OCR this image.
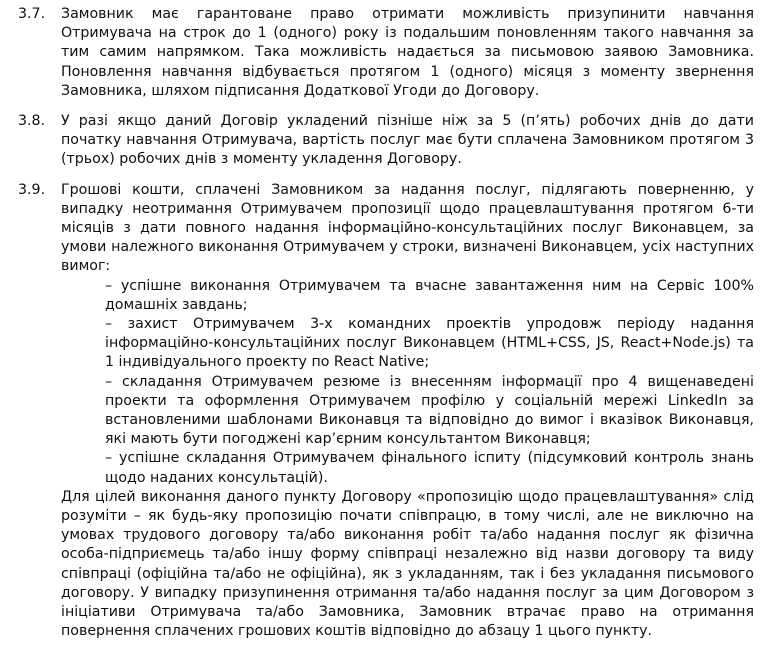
3.7.	Замовник має гарантоване право отримати можливість призупинити навчання Отримувача на строк до 1 (одного) року із подальшим поновленням такого навчання за тим самим напрямком. Така можливість надається за письмовою заявою Замовника. Поновлення навчання відбувається протягом 1 (одного) місяця з моменту звернення Замовника, шляхом підписання Додаткової Угоди до Договору.

3.8.	У разі якщо даний Договір укладений пізніше ніж за 5 (п’ять) робочих днів до дати початку навчання Отримувача, вартість послуг має бути сплачена Замовником протягом 3 (трьох) робочих днів з моменту укладення Договору.

3.9.	Грошові кошти, сплачені Замовником за надання послуг, підлягають поверненню, у випадку неотримання Отримувачем пропозиції щодо працевлаштування протягом 6-ти місяців з дати повного надання інформаційно-консультаційних послуг Виконавцем, за умови належного виконання Отримувачем у строки, визначені Виконавцем, усіх наступних вимог:

– успішне виконання Отримувачем та вчасне завантаження ним на Сервіс 100% домашніх завдань;

– захист Отримувачем 3-х командних проектів упродовж періоду надання інформаційно-консультаційних послуг Виконавцем (HTML+CSS, JS, React+Node.js) та 1 індивідуального проекту по React Native;

– складання Отримувачем резюме із внесенням інформації про 4 вищенаведені проекти та оформлення Отримувачем профілю у соціальній мережі LinkedIn за встановленими шаблонами Виконавця та відповідно до вимог і вказівок Виконавця, які мають бути погоджені кар’єрним консультантом Виконавця;

– успішне складання Отримувачем фінального іспиту (підсумковий контроль знань щодо наданих консультацій).

Для цілей виконання даного пункту Договору «пропозицію щодо працевлаштування» слід розуміти – як будь-яку пропозицію почати співпрацю, в тому числі, але не виключно на умовах трудового договору та/або виконання робіт та/або надання послуг як фізична особа-підприємець та/або іншу форму співпраці незалежно від назви договору та виду співпраці (офіційна та/або не офіційна), як з укладанням, так і без укладання письмового договору. У випадку призупинення отримання та/або надання послуг за цим Договором з ініціативи Отримувача та/або Замовника, Замовник втрачає право на отримання повернення сплачених грошових коштів відповідно до абзацу 1 цього пункту.
